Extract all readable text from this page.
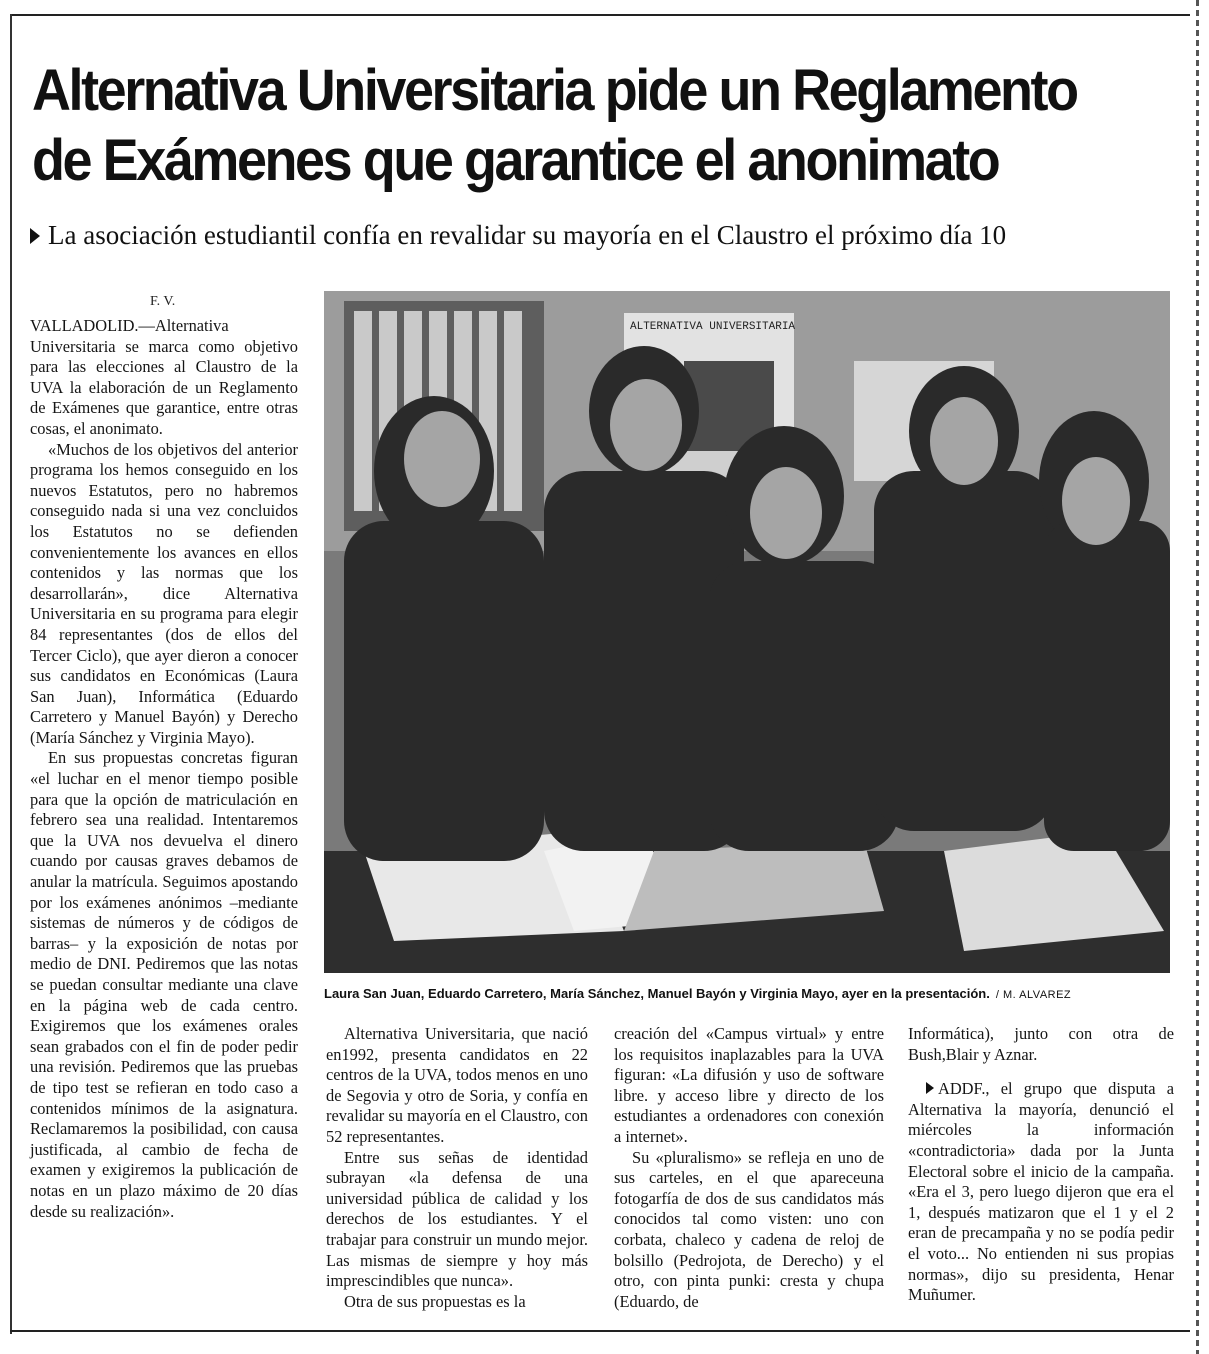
Alternativa Universitaria pide un Reglamento
de Exámenes que garantice el anonimato
La asociación estudiantil confía en revalidar su mayoría en el Claustro el próximo día 10
F. V.

VALLADOLID.—Alternativa Universitaria se marca como objetivo para las elecciones al Claustro de la UVA la elaboración de un Reglamento de Exámenes que garantice, entre otras cosas, el anonimato.

«Muchos de los objetivos del anterior programa los hemos conseguido en los nuevos Estatutos, pero no habremos conseguido nada si una vez concluidos los Estatutos no se defienden convenientemente los avances en ellos contenidos y las normas que los desarrollarán», dice Alternativa Universitaria en su programa para elegir 84 representantes (dos de ellos del Tercer Ciclo), que ayer dieron a conocer sus candidatos en Económicas (Laura San Juan), Informática (Eduardo Carretero y Manuel Bayón) y Derecho (María Sánchez y Virginia Mayo).

En sus propuestas concretas figuran «el luchar en el menor tiempo posible para que la opción de matriculación en febrero sea una realidad. Intentaremos que la UVA nos devuelva el dinero cuando por causas graves debamos de anular la matrícula. Seguimos apostando por los exámenes anónimos –mediante sistemas de números y de códigos de barras– y la exposición de notas por medio de DNI. Pediremos que las notas se puedan consultar mediante una clave en la página web de cada centro. Exigiremos que los exámenes orales sean grabados con el fin de poder pedir una revisión. Pediremos que las pruebas de tipo test se refieran en todo caso a contenidos mínimos de la asignatura. Reclamaremos la posibilidad, con causa justificada, al cambio de fecha de examen y exigiremos la publicación de notas en un plazo máximo de 20 días desde su realización».

ALTERNATIVA UNIVERSITARIA
Laura San Juan, Eduardo Carretero, María Sánchez, Manuel Bayón y Virginia Mayo, ayer en la presentación. / M. ALVAREZ

Alternativa Universitaria, que nació en1992, presenta candidatos en 22 centros de la UVA, todos menos en uno de Segovia y otro de Soria, y confía en revalidar su mayoría en el Claustro, con 52 representantes.

Entre sus señas de identidad subrayan «la defensa de una universidad pública de calidad y los derechos de los estudiantes. Y el trabajar para construir un mundo mejor. Las mismas de siempre y hoy más imprescindibles que nunca».

Otra de sus propuestas es la

creación del «Campus virtual» y entre los requisitos inaplazables para la UVA figuran: «La difusión y uso de software libre. y acceso libre y directo de los estudiantes a ordenadores con conexión a internet».

Su «pluralismo» se refleja en uno de sus carteles, en el que apareceuna fotogarfía de dos de sus candidatos más conocidos tal como visten: uno con corbata, chaleco y cadena de reloj de bolsillo (Pedrojota, de Derecho) y el otro, con pinta punki: cresta y chupa (Eduardo, de

Informática), junto con otra de Bush,Blair y Aznar.

ADDF., el grupo que disputa a Alternativa la mayoría, denunció el miércoles la información «contradictoria» dada por la Junta Electoral sobre el inicio de la campaña. «Era el 3, pero luego dijeron que era el 1, después matizaron que el 1 y el 2 eran de precampaña y no se podía pedir el voto... No entienden ni sus propias normas», dijo su presidenta, Henar Muñumer.
